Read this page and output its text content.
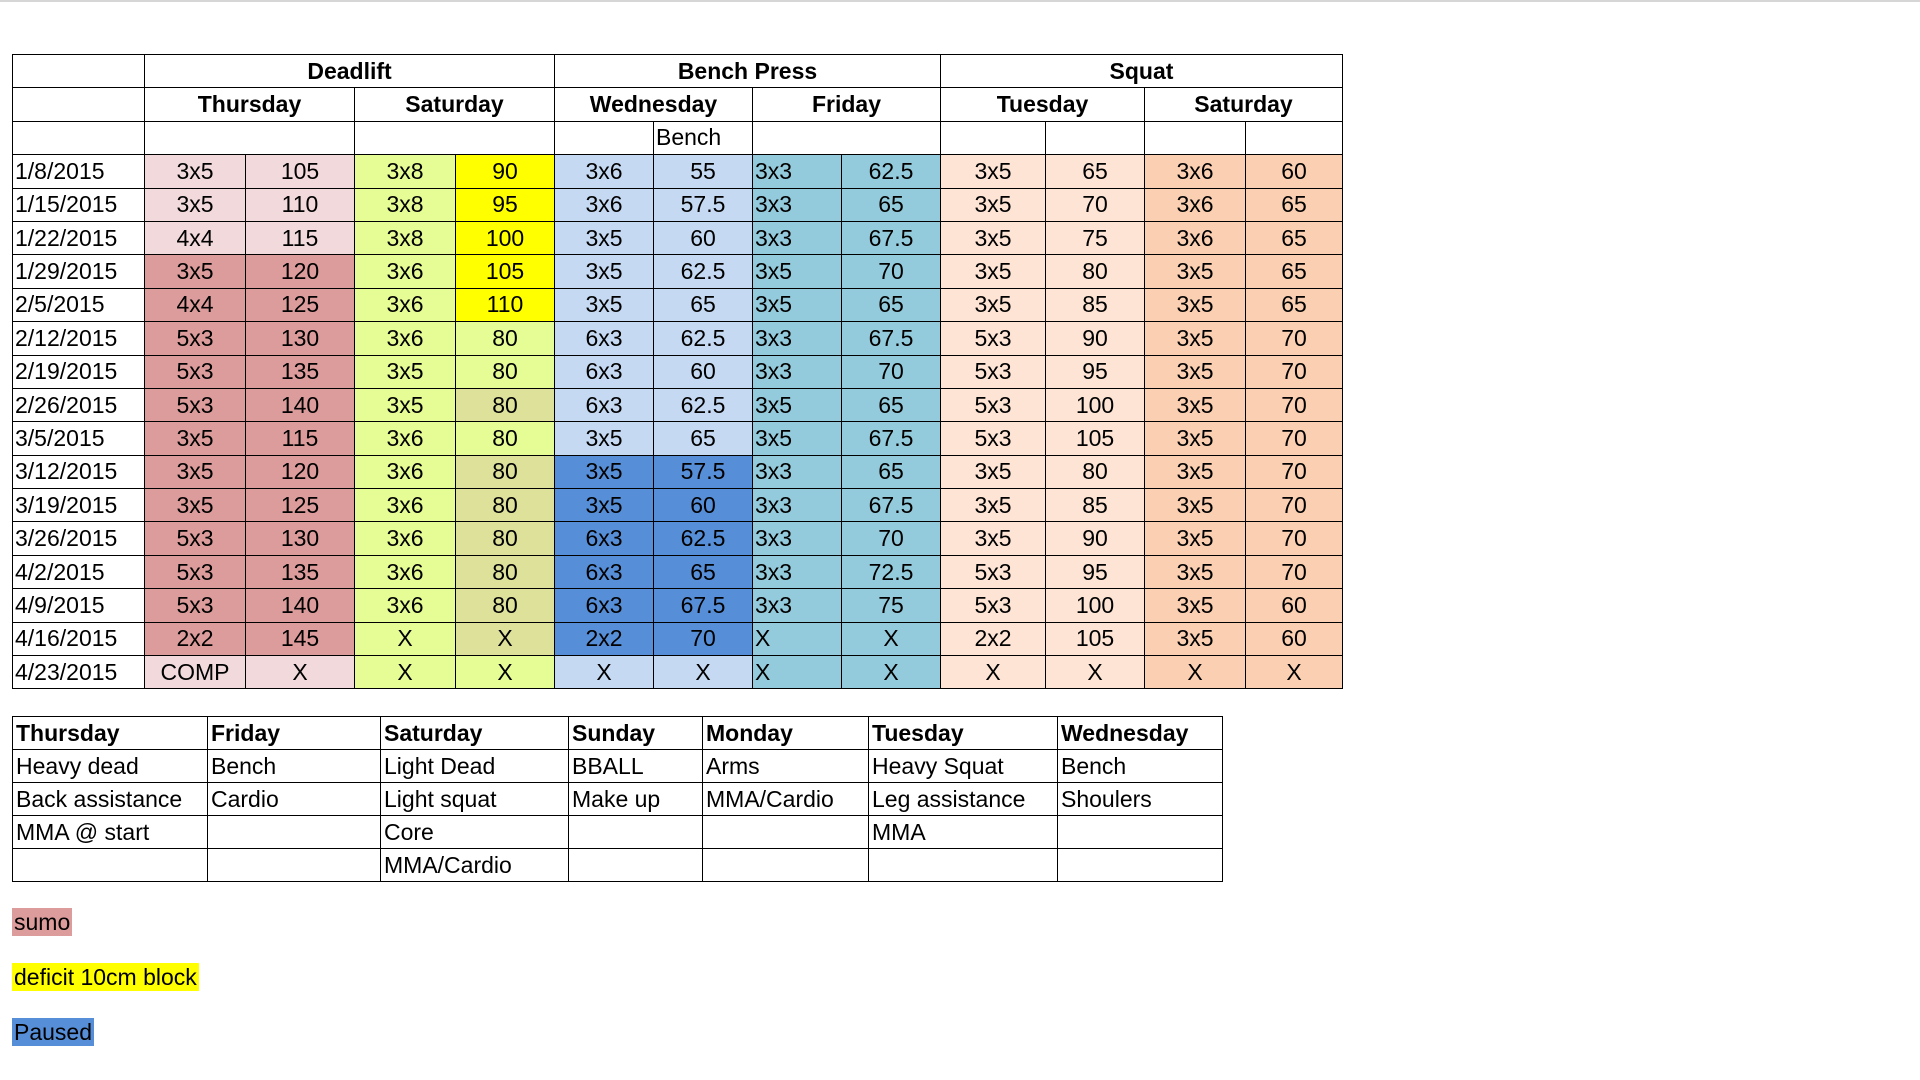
	Deadlift				Bench Press				Squat			
	Thursday		Saturday		Wednesday		Friday		Tuesday		Saturday	
						Bench						
1/8/2015	3x5	105	3x8	90	3x6	55	3x3	62.5	3x5	65	3x6	60
1/15/2015	3x5	110	3x8	95	3x6	57.5	3x3	65	3x5	70	3x6	65
1/22/2015	4x4	115	3x8	100	3x5	60	3x3	67.5	3x5	75	3x6	65
1/29/2015	3x5	120	3x6	105	3x5	62.5	3x5	70	3x5	80	3x5	65
2/5/2015	4x4	125	3x6	110	3x5	65	3x5	65	3x5	85	3x5	65
2/12/2015	5x3	130	3x6	80	6x3	62.5	3x3	67.5	5x3	90	3x5	70
2/19/2015	5x3	135	3x5	80	6x3	60	3x3	70	5x3	95	3x5	70
2/26/2015	5x3	140	3x5	80	6x3	62.5	3x5	65	5x3	100	3x5	70
3/5/2015	3x5	115	3x6	80	3x5	65	3x5	67.5	5x3	105	3x5	70
3/12/2015	3x5	120	3x6	80	3x5	57.5	3x3	65	3x5	80	3x5	70
3/19/2015	3x5	125	3x6	80	3x5	60	3x3	67.5	3x5	85	3x5	70
3/26/2015	5x3	130	3x6	80	6x3	62.5	3x3	70	3x5	90	3x5	70
4/2/2015	5x3	135	3x6	80	6x3	65	3x3	72.5	5x3	95	3x5	70
4/9/2015	5x3	140	3x6	80	6x3	67.5	3x3	75	5x3	100	3x5	60
4/16/2015	2x2	145	X	X	2x2	70	X	X	2x2	105	3x5	60
4/23/2015	COMP	X	X	X	X	X	X	X	X	X	X	X
Thursday	Friday	Saturday	Sunday	Monday	Tuesday	Wednesday
Heavy dead	Bench	Light Dead	BBALL	Arms	Heavy Squat	Bench
Back assistance	Cardio	Light squat	Make up	MMA/Cardio	Leg assistance	Shoulers
MMA @ start		Core			MMA	
		MMA/Cardio				
sumo
deficit 10cm block
Paused
